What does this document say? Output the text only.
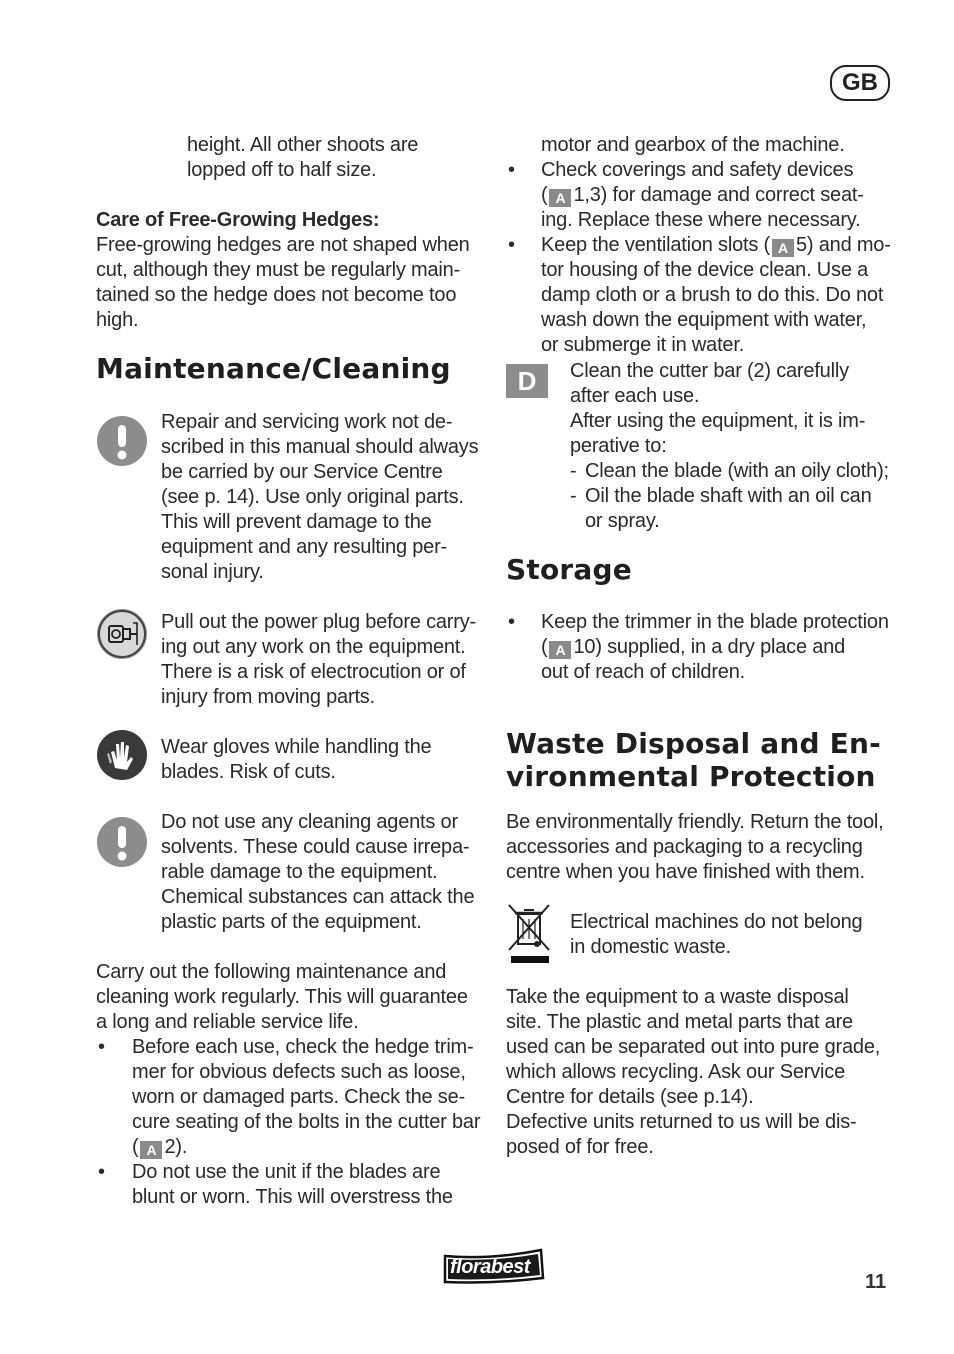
GB
height. All other shoots are
lopped off to half size.
Care of Free-Growing Hedges:
Free-growing hedges are not shaped when
cut, although they must be regularly main-
tained so the hedge does not become too
high.
Maintenance/Cleaning
Repair and servicing work not de-
scribed in this manual should always
be carried by our Service Centre
(see p. 14). Use only original parts.
This will prevent damage to the
equipment and any resulting per-
sonal injury.
Pull out the power plug before carry-
ing out any work on the equipment.
There is a risk of electrocution or of
injury from moving parts.
Wear gloves while handling the
blades. Risk of cuts.
Do not use any cleaning agents or
solvents. These could cause irrepa-
rable damage to the equipment.
Chemical substances can attack the
plastic parts of the equipment.
Carry out the following maintenance and
cleaning work regularly. This will guarantee
a long and reliable service life.
• Before each use, check the hedge trim-
mer for obvious defects such as loose,
worn or damaged parts. Check the se-
cure seating of the bolts in the cutter bar
( A 2).
• Do not use the unit if the blades are
blunt or worn. This will overstress the
motor and gearbox of the machine.
• Check coverings and safety devices
( A 1,3) for damage and correct seat-
ing. Replace these where necessary.
• Keep the ventilation slots ( A 5) and mo-
tor housing of the device clean. Use a
damp cloth or a brush to do this. Do not
wash down the equipment with water,
or submerge it in water.
D	Clean the cutter bar (2) carefully
after each use.
After using the equipment, it is im-
perative to:
- Clean the blade (with an oily cloth);
- Oil the blade shaft with an oil can
or spray.
Storage
• Keep the trimmer in the blade protection
( A 10) supplied, in a dry place and
out of reach of children.
Waste Disposal and En-
vironmental Protection
Be environmentally friendly. Return the tool,
accessories and packaging to a recycling
centre when you have finished with them.
Electrical machines do not belong
in domestic waste.
Take the equipment to a waste disposal
site. The plastic and metal parts that are
used can be separated out into pure grade,
which allows recycling. Ask our Service
Centre for details (see p.14).
Defective units returned to us will be dis-
posed of for free.
florabest
11
